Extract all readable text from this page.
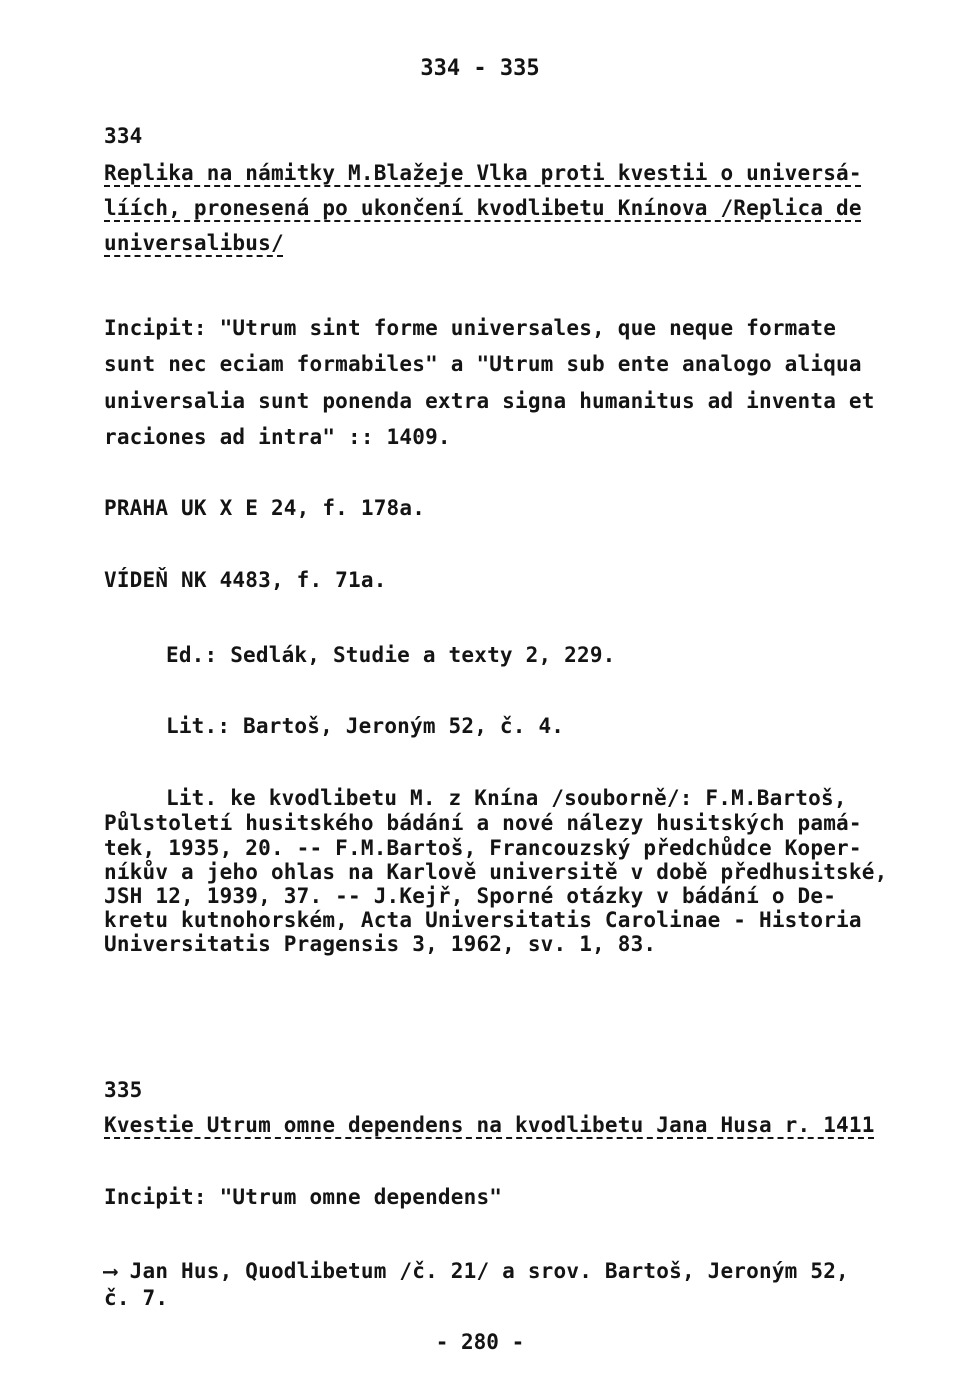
334 - 335
334
Replika na námitky M.Blažeje Vlka proti kvestii o universá-
líích, pronesená po ukončení kvodlibetu Knínova /Replica de
universalibus/
Incipit: "Utrum sint forme universales, que neque formate
sunt nec eciam formabiles" a "Utrum sub ente analogo aliqua
universalia sunt ponenda extra signa humanitus ad inventa et
raciones ad intra" :: 1409.
PRAHA UK X E 24, f. 178a.
VÍDEŇ NK 4483, f. 71a.
Ed.: Sedlák, Studie a texty 2, 229.
Lit.: Bartoš, Jeroným 52, č. 4.
Lit. ke kvodlibetu M. z Knína /souborně/: F.M.Bartoš,
Půlstoletí husitského bádání a nové nálezy husitských pamá-
tek, 1935, 20. -- F.M.Bartoš, Francouzský předchůdce Koper-
níkův a jeho ohlas na Karlově universitě v době předhusitské,
JSH 12, 1939, 37. -- J.Kejř, Sporné otázky v bádání o De-
kretu kutnohorském, Acta Universitatis Carolinae - Historia
Universitatis Pragensis 3, 1962, sv. 1, 83.
335
Kvestie Utrum omne dependens na kvodlibetu Jana Husa r. 1411
Incipit: "Utrum omne dependens"
⟶ Jan Hus, Quodlibetum /č. 21/ a srov. Bartoš, Jeroným 52,
č. 7.
- 280 -
